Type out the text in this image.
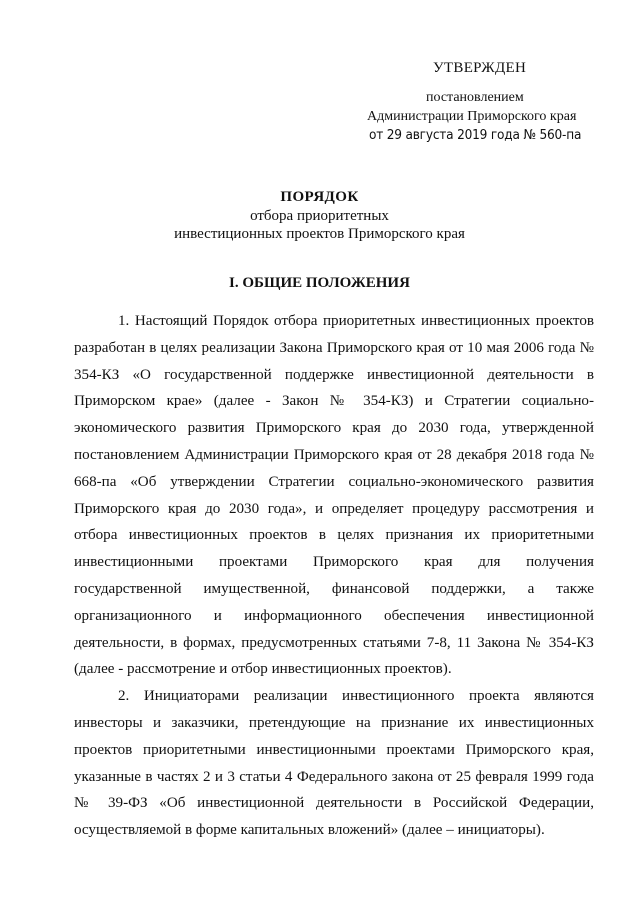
УТВЕРЖДЕН
постановлением
Администрации Приморского края
от 29 августа 2019 года № 560-па
ПОРЯДОК
отбора приоритетных
инвестиционных проектов Приморского края
I. ОБЩИЕ ПОЛОЖЕНИЯ

1. Настоящий Порядок отбора приоритетных инвестиционных проектов разработан в целях реализации Закона Приморского края от 10 мая 2006 года № 354-КЗ «О государственной поддержке инвестиционной деятельности в Приморском крае» (далее - Закон № 354-КЗ) и Стратегии социально-экономического развития Приморского края до 2030 года, утвержденной постановлением Администрации Приморского края от 28 декабря 2018 года № 668-па «Об утверждении Стратегии социально-экономического развития Приморского края до 2030 года», и определяет процедуру рассмотрения и отбора инвестиционных проектов в целях признания их приоритетными инвестиционными проектами Приморского края для получения государственной имущественной, финансовой поддержки, а также организационного и информационного обеспечения инвестиционной деятельности, в формах, предусмотренных статьями 7-8, 11 Закона № 354-КЗ (далее - рассмотрение и отбор инвестиционных проектов).

2. Инициаторами реализации инвестиционного проекта являются инвесторы и заказчики, претендующие на признание их инвестиционных проектов приоритетными инвестиционными проектами Приморского края, указанные в частях 2 и 3 статьи 4 Федерального закона от 25 февраля 1999 года № 39-ФЗ «Об инвестиционной деятельности в Российской Федерации, осуществляемой в форме капитальных вложений» (далее – инициаторы).
